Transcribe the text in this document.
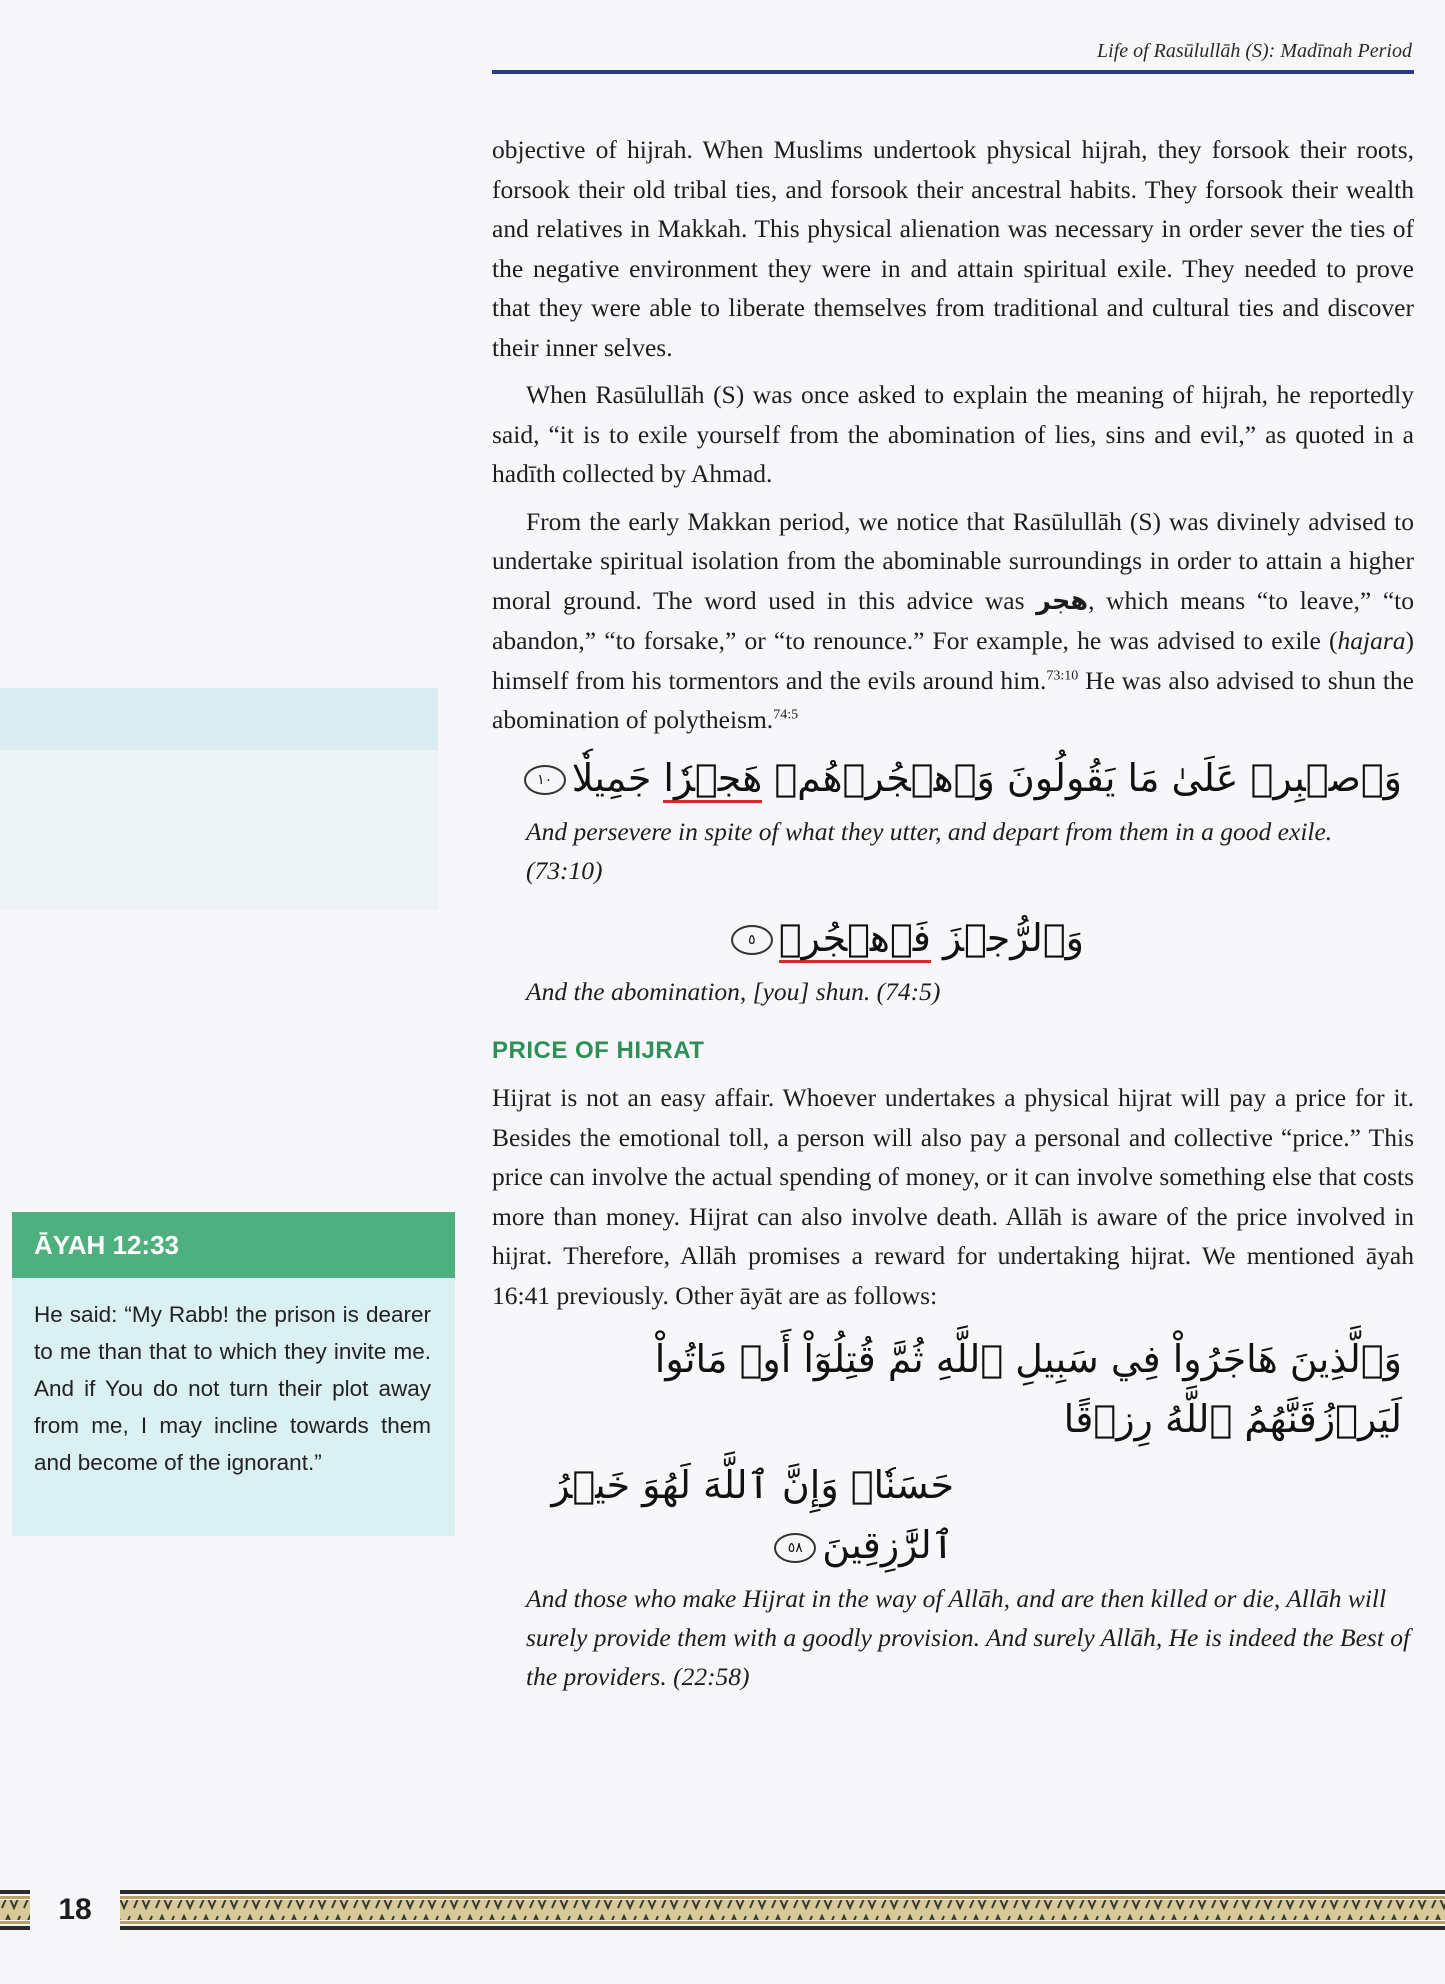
Life of Rasūlullāh (S): Madīnah Period

objective of hijrah. When Muslims undertook physical hijrah, they forsook their roots, forsook their old tribal ties, and forsook their ancestral habits. They forsook their wealth and relatives in Makkah. This physical alienation was necessary in order sever the ties of the negative environment they were in and attain spiritual exile. They needed to prove that they were able to liberate themselves from traditional and cultural ties and discover their inner selves.

When Rasūlullāh (S) was once asked to explain the meaning of hijrah, he reportedly said, “it is to exile yourself from the abomination of lies, sins and evil,” as quoted in a hadīth collected by Ahmad.

From the early Makkan period, we notice that Rasūlullāh (S) was divinely advised to undertake spiritual isolation from the abominable surroundings in order to attain a higher moral ground. The word used in this advice was هجر, which means “to leave,” “to abandon,” “to forsake,” or “to renounce.” For example, he was advised to exile (hajara) himself from his tormentors and the evils around him.$^{73:10}$ He was also advised to shun the abomination of polytheism.$^{74:5}$

وَٱصۡبِرۡ عَلَىٰ مَا يَقُولُونَ وَٱهۡجُرۡهُمۡ هَجۡرٗا جَمِيلٗا١٠
And persevere in spite of what they utter, and depart from them in a good exile. (73:10)
وَٱلرُّجۡزَ فَٱهۡجُرۡ٥
And the abomination, [you] shun. (74:5)
PRICE OF HIJRAT

Hijrat is not an easy affair. Whoever undertakes a physical hijrat will pay a price for it. Besides the emotional toll, a person will also pay a personal and collective “price.” This price can involve the actual spending of money, or it can involve something else that costs more than money. Hijrat can also involve death. Allāh is aware of the price involved in hijrat. Therefore, Allāh promises a reward for undertaking hijrat. We mentioned āyah 16:41 previously. Other āyāt are as follows:

وَٱلَّذِينَ هَاجَرُواْ فِي سَبِيلِ ٱللَّهِ ثُمَّ قُتِلُوٓاْ أَوۡ مَاتُواْ لَيَرۡزُقَنَّهُمُ ٱللَّهُ رِزۡقًا
حَسَنٗاۚ وَإِنَّ ٱللَّهَ لَهُوَ خَيۡرُ ٱلرَّٰزِقِينَ٥٨
And those who make Hijrat in the way of Allāh, and are then killed or die, Allāh will surely provide them with a goodly provision. And surely Allāh, He is indeed the Best of the providers. (22:58)
ĀYAH 12:33
He said: “My Rabb! the prison is dearer to me than that to which they invite me. And if You do not turn their plot away from me, I may incline towards them and become of the ignorant.”
18
